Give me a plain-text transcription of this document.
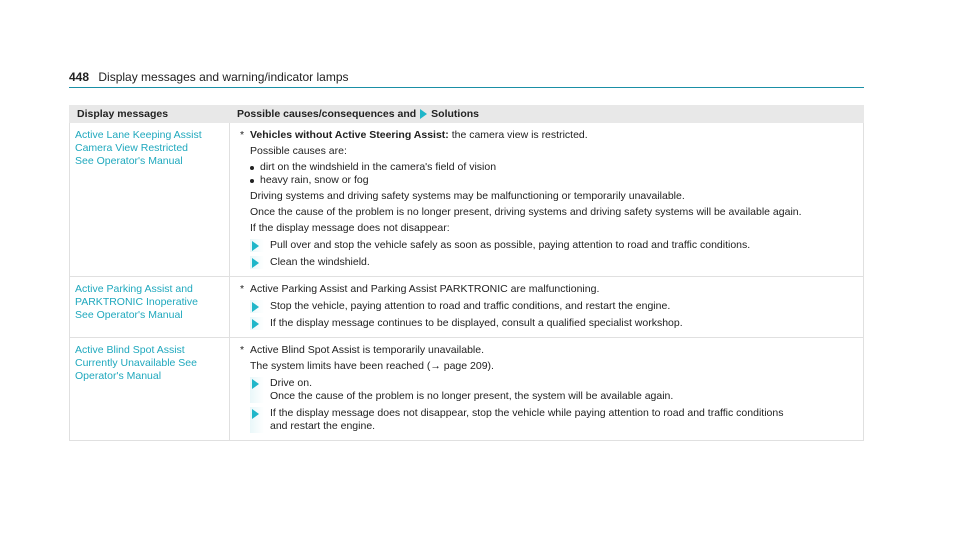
448 Display messages and warning/indicator lamps
Display messages	Possible causes/consequences and Solutions
Active Lane Keeping Assist
Camera View Restricted
See Operator's Manual

* Vehicles without Active Steering Assist: the camera view is restricted.

Possible causes are:

dirt on the windshield in the camera's field of vision
heavy rain, snow or fog

Driving systems and driving safety systems may be malfunctioning or temporarily unavailable.

Once the cause of the problem is no longer present, driving systems and driving safety systems will be available again.

If the display message does not disappear:

Pull over and stop the vehicle safely as soon as possible, paying attention to road and traffic conditions.
Clean the windshield.
Active Parking Assist and
PARKTRONIC Inoperative
See Operator's Manual

* Active Parking Assist and Parking Assist PARKTRONIC are malfunctioning.

Stop the vehicle, paying attention to road and traffic conditions, and restart the engine.
If the display message continues to be displayed, consult a qualified specialist workshop.
Active Blind Spot Assist
Currently Unavailable See
Operator's Manual

* Active Blind Spot Assist is temporarily unavailable.

The system limits have been reached (→ page 209).

Drive on.
Once the cause of the problem is no longer present, the system will be available again.
If the display message does not disappear, stop the vehicle while paying attention to road and traffic conditions
and restart the engine.
